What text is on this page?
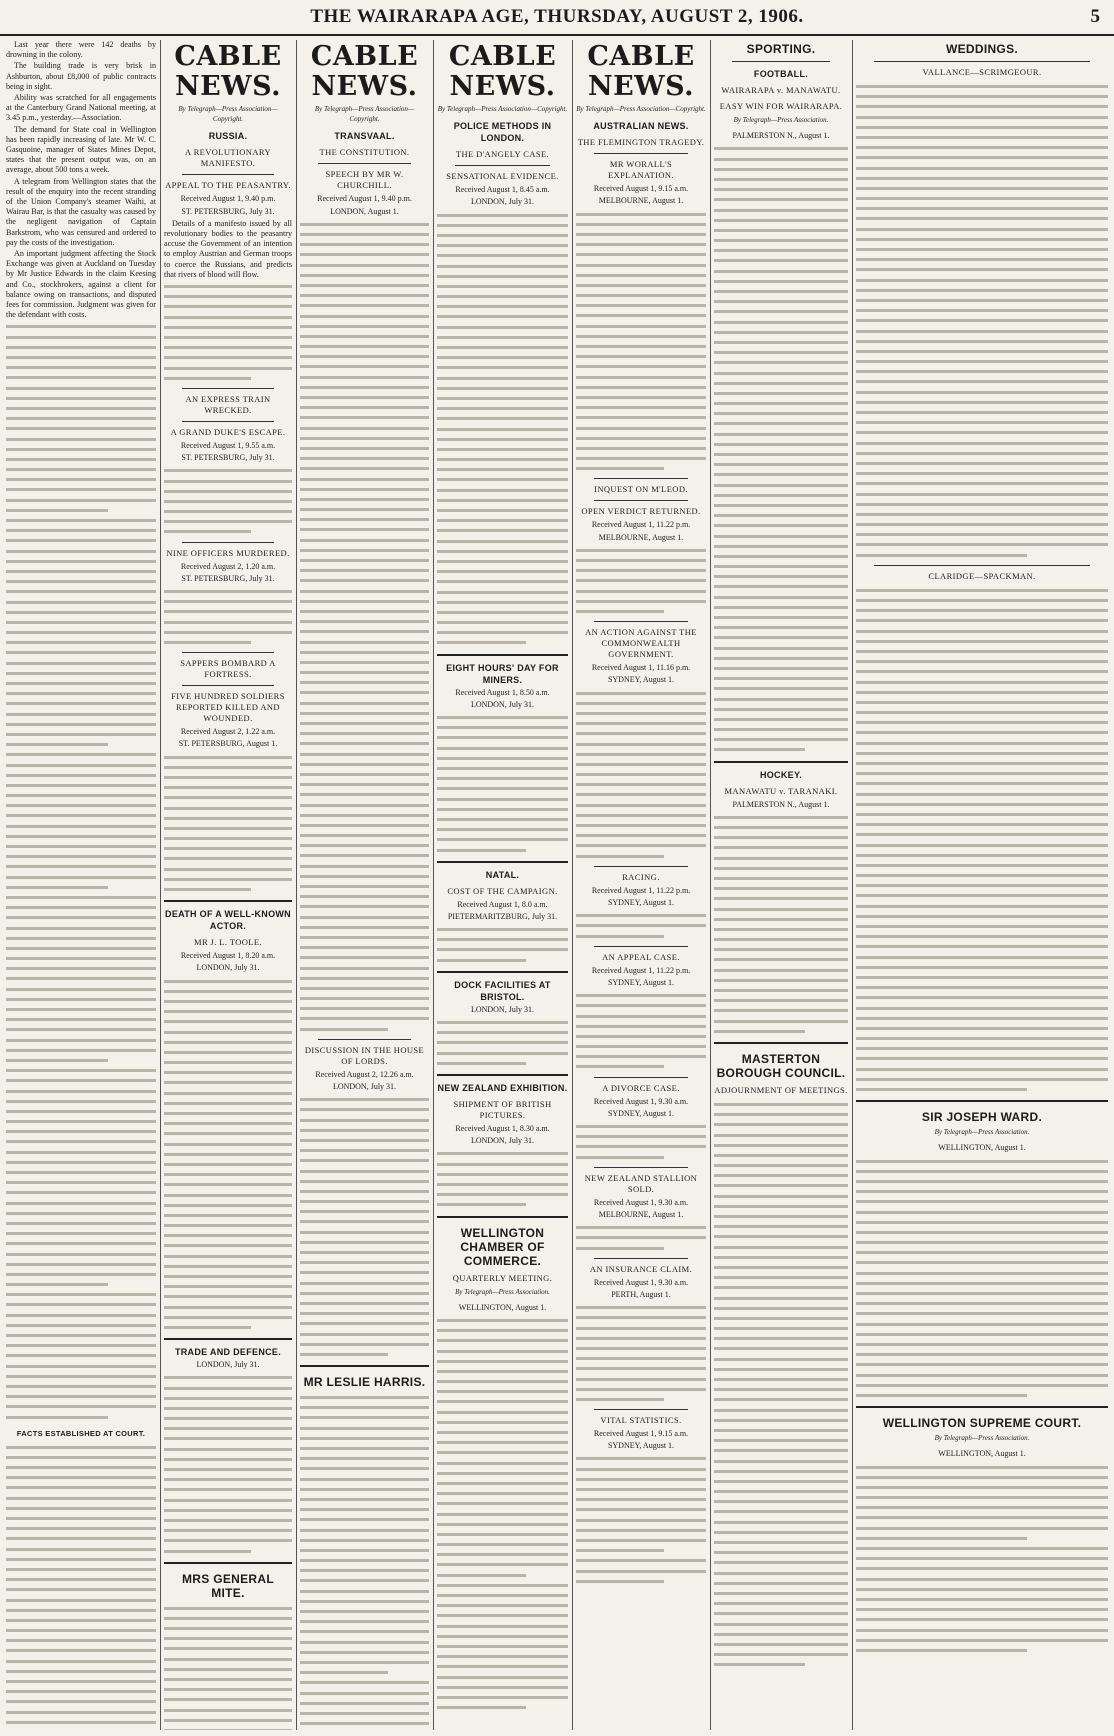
THE WAIRARAPA AGE, THURSDAY, AUGUST 2, 1906.	5

Last year there were 142 deaths by drowning in the colony.

The building trade is very brisk in Ashburton, about £8,000 of public contracts being in sight.

Ability was scratched for all engagements at the Canterbury Grand National meeting, at 3.45 p.m., yesterday.—Association.

The demand for State coal in Wellington has been rapidly increasing of late. Mr W. C. Gasquoine, manager of States Mines Depot, states that the present output was, on an average, about 500 tons a week.

A telegram from Wellington states that the result of the enquiry into the recent stranding of the Union Company's steamer Waihi, at Wairau Bar, is that the casualty was caused by the negligent navigation of Captain Barkstrom, who was censured and ordered to pay the costs of the investigation.

An important judgment affecting the Stock Exchange was given at Auckland on Tuesday by Mr Justice Edwards in the claim Keesing and Co., stockbrokers, against a client for balance owing on transactions, and disputed fees for commission. Judgment was given for the defendant with costs.

FACTS ESTABLISHED AT COURT.
CABLE NEWS.
By Telegraph—Press Association—Copyright.
RUSSIA.
A REVOLUTIONARY MANIFESTO.
APPEAL TO THE PEASANTRY.
Received August 1, 9.40 p.m.
ST. PETERSBURG, July 31.

Details of a manifesto issued by all revolutionary bodies to the peasantry accuse the Government of an intention to employ Austrian and German troops to coerce the Russians, and predicts that rivers of blood will flow.

AN EXPRESS TRAIN WRECKED.
A GRAND DUKE'S ESCAPE.
Received August 1, 9.55 a.m.
ST. PETERSBURG, July 31.
NINE OFFICERS MURDERED.
Received August 2, 1.20 a.m.
ST. PETERSBURG, July 31.
SAPPERS BOMBARD A FORTRESS.
FIVE HUNDRED SOLDIERS REPORTED KILLED AND WOUNDED.
Received August 2, 1.22 a.m.
ST. PETERSBURG, August 1.
DEATH OF A WELL-KNOWN ACTOR.
MR J. L. TOOLE.
Received August 1, 8.20 a.m.
LONDON, July 31.
TRADE AND DEFENCE.
LONDON, July 31.
MRS GENERAL MITE.
CABLE NEWS.
By Telegraph—Press Association—Copyright.
TRANSVAAL.
THE CONSTITUTION.
SPEECH BY MR W. CHURCHILL.
Received August 1, 9.40 p.m.
LONDON, August 1.
DISCUSSION IN THE HOUSE OF LORDS.
Received August 2, 12.26 a.m.
LONDON, July 31.
MR LESLIE HARRIS.
CABLE NEWS.
By Telegraph—Press Association—Copyright.
POLICE METHODS IN LONDON.
THE D'ANGELY CASE.
SENSATIONAL EVIDENCE.
Received August 1, 8.45 a.m.
LONDON, July 31.
EIGHT HOURS' DAY FOR MINERS.
Received August 1, 8.50 a.m.
LONDON, July 31.
NATAL.
COST OF THE CAMPAIGN.
Received August 1, 8.0 a.m.
PIETERMARITZBURG, July 31.
DOCK FACILITIES AT BRISTOL.
LONDON, July 31.
NEW ZEALAND EXHIBITION.
SHIPMENT OF BRITISH PICTURES.
Received August 1, 8.30 a.m.
LONDON, July 31.
WELLINGTON CHAMBER OF COMMERCE.
QUARTERLY MEETING.
By Telegraph—Press Association.
WELLINGTON, August 1.
CABLE NEWS.
By Telegraph—Press Association—Copyright.
AUSTRALIAN NEWS.
THE FLEMINGTON TRAGEDY.
MR WORALL'S EXPLANATION.
Received August 1, 9.15 a.m.
MELBOURNE, August 1.
INQUEST ON M'LEOD.
OPEN VERDICT RETURNED.
Received August 1, 11.22 p.m.
MELBOURNE, August 1.
AN ACTION AGAINST THE COMMONWEALTH GOVERNMENT.
Received August 1, 11.16 p.m.
SYDNEY, August 1.
RACING.
Received August 1, 11.22 p.m.
SYDNEY, August 1.
AN APPEAL CASE.
Received August 1, 11.22 p.m.
SYDNEY, August 1.
A DIVORCE CASE.
Received August 1, 9.30 a.m.
SYDNEY, August 1.
NEW ZEALAND STALLION SOLD.
Received August 1, 9.30 a.m.
MELBOURNE, August 1.
AN INSURANCE CLAIM.
Received August 1, 9.30 a.m.
PERTH, August 1.
VITAL STATISTICS.
Received August 1, 9.15 a.m.
SYDNEY, August 1.
SPORTING.
FOOTBALL.
WAIRARAPA v. MANAWATU.
EASY WIN FOR WAIRARAPA.
By Telegraph—Press Association.
PALMERSTON N., August 1.
HOCKEY.
MANAWATU v. TARANAKI.
PALMERSTON N., August 1.
MASTERTON BOROUGH COUNCIL.
ADJOURNMENT OF MEETINGS.
WEDDINGS.
VALLANCE—SCRIMGEOUR.
CLARIDGE—SPACKMAN.
SIR JOSEPH WARD.
By Telegraph—Press Association.
WELLINGTON, August 1.
WELLINGTON SUPREME COURT.
By Telegraph—Press Association.
WELLINGTON, August 1.
